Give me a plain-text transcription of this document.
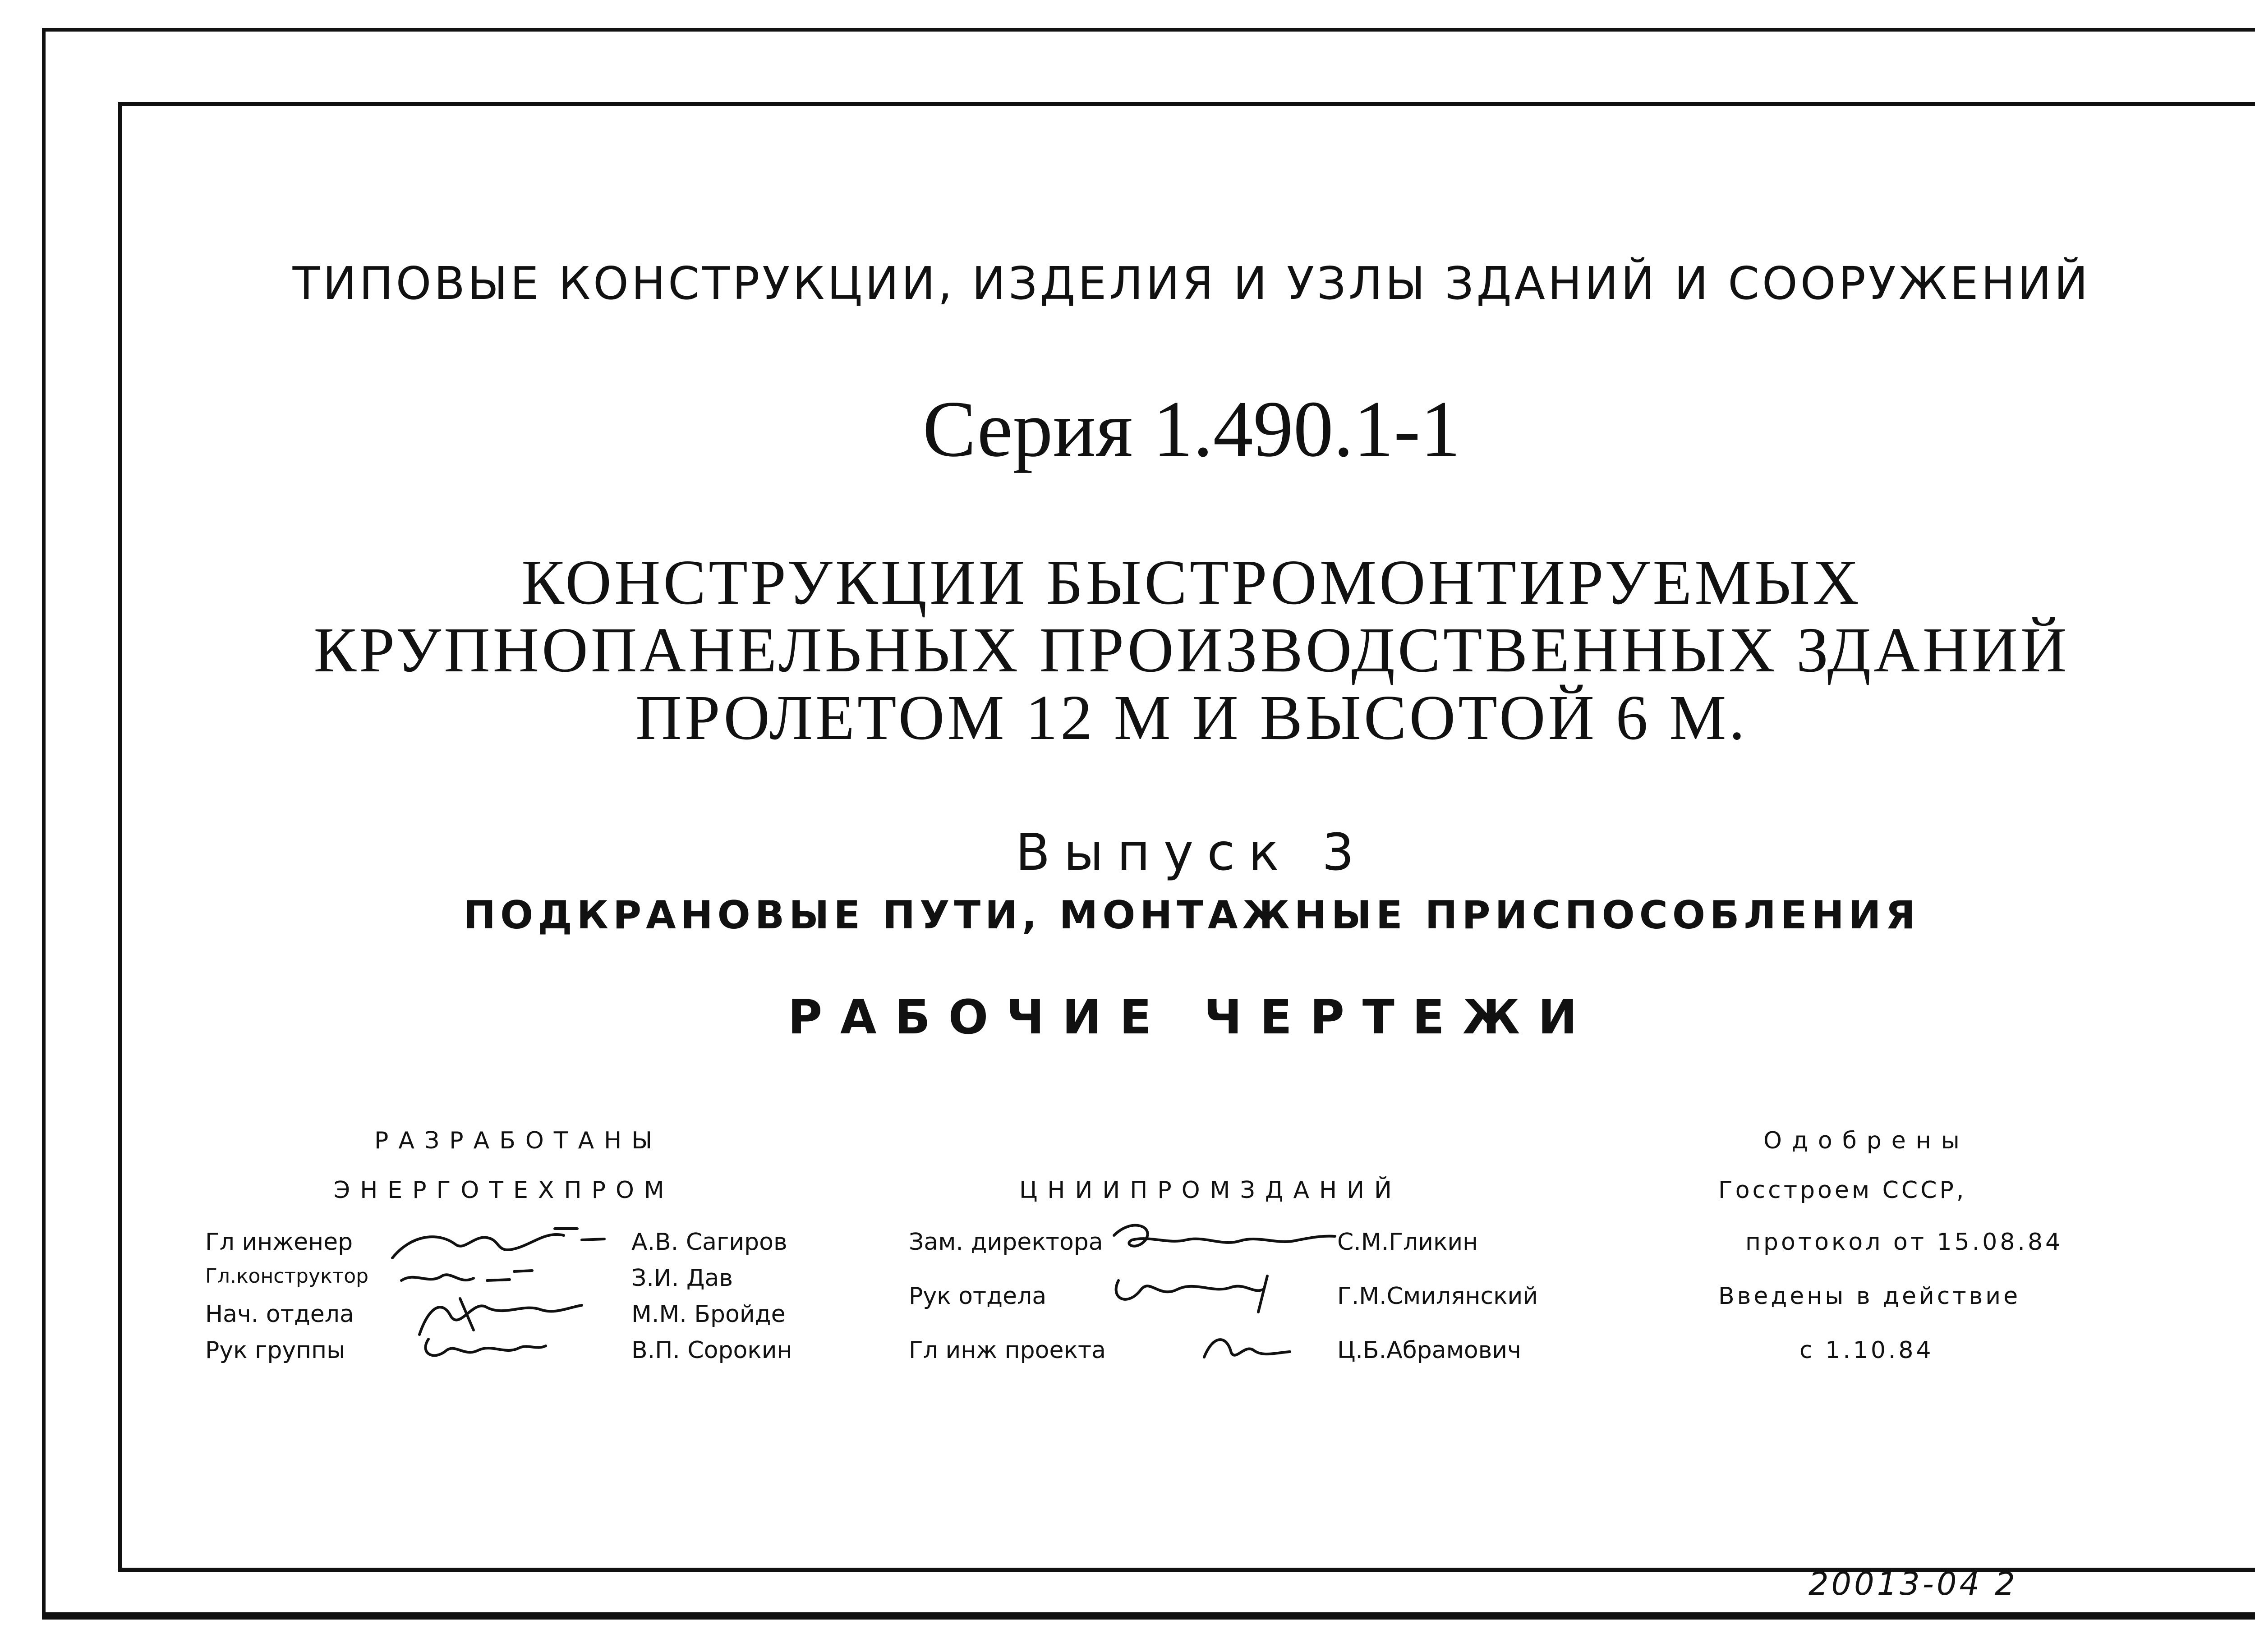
ТИПОВЫЕ КОНСТРУКЦИИ, ИЗДЕЛИЯ И УЗЛЫ ЗДАНИЙ И СООРУЖЕНИЙ
Серия 1.490.1-1
КОНСТРУКЦИИ БЫСТРОМОНТИРУЕМЫХ
КРУПНОПАНЕЛЬНЫХ ПРОИЗВОДСТВЕННЫХ ЗДАНИЙ
ПРОЛЕТОМ 12 М И ВЫСОТОЙ 6 М.
Выпуск 3
ПОДКРАНОВЫЕ ПУТИ, МОНТАЖНЫЕ ПРИСПОСОБЛЕНИЯ
РАБОЧИЕ ЧЕРТЕЖИ
РАЗРАБОТАНЫ
ЭНЕРГОТЕХПРОМ
Гл инженер	А.В. Сагиров
Гл.конструктор	З.И. Дав
Нач. отдела	М.М. Бройде
Рук группы	В.П. Сорокин
ЦНИИПРОМЗДАНИЙ
Зам. директора	С.М.Гликин
Рук отдела	Г.М.Смилянский
Гл инж проекта	Ц.Б.Абрамович
Одобрены
Госстроем СССР,
протокол от 15.08.84
Введены в действие
с 1.10.84
20013-04 2
